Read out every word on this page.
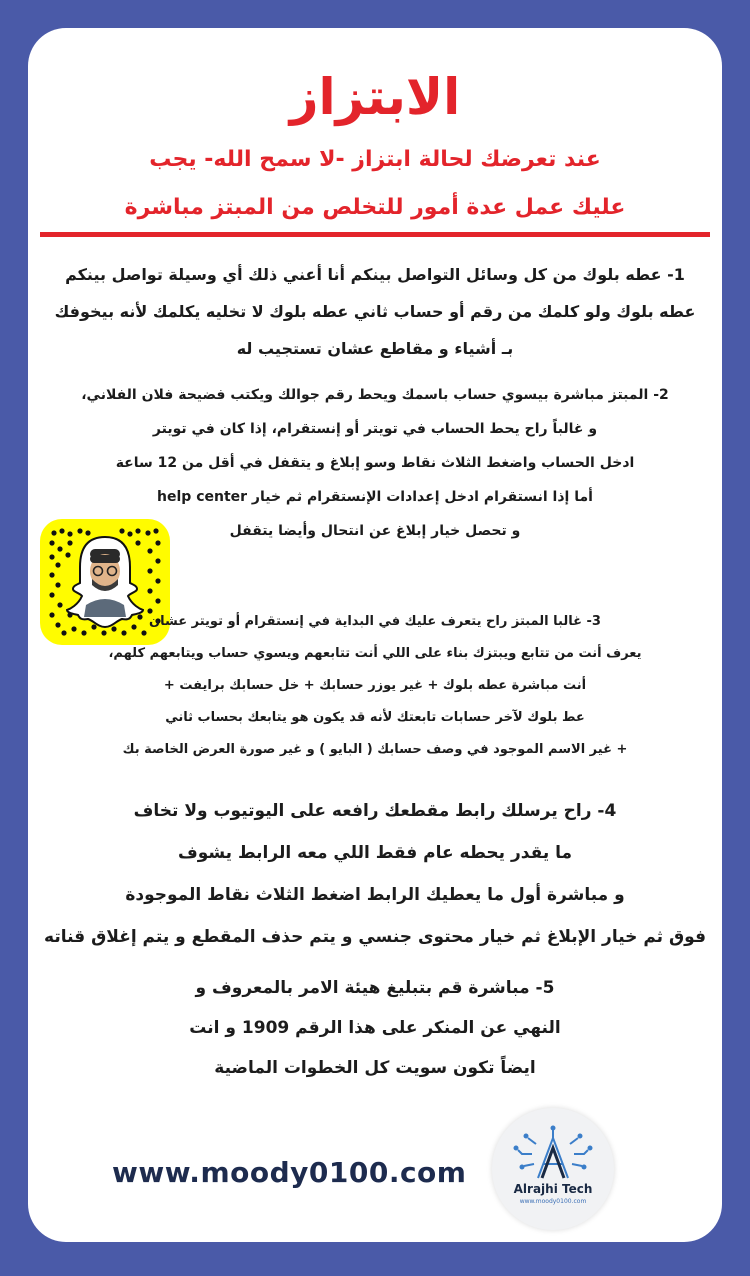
الابتزاز
عند تعرضك لحالة ابتزاز -لا سمح الله- يجب
عليك عمل عدة أمور للتخلص من المبتز مباشرة

1- عطه بلوك من كل وسائل التواصل بينكم أنا أعني ذلك أي وسيلة تواصل بينكم

عطه بلوك ولو كلمك من رقم أو حساب ثاني عطه بلوك لا تخليه يكلمك لأنه بيخوفك

بـ أشياء و مقاطع عشان تستجيب له

2- المبتز مباشرة بيسوي حساب باسمك ويحط رقم جوالك ويكتب فضيحة فلان الفلاني،

و غالباً راح يحط الحساب في تويتر أو إنستقرام، إذا كان في تويتر

ادخل الحساب واضغط الثلاث نقاط وسو إبلاغ و يتقفل في أقل من 12 ساعة

أما إذا انستقرام ادخل إعدادات الإنستقرام ثم خيار help center

و تحصل خيار إبلاغ عن انتحال وأيضا يتقفل

3- غالبا المبتز راح يتعرف عليك في البداية في إنستقرام أو تويتر عشان

يعرف أنت من تتابع ويبتزك بناء على اللي أنت تتابعهم ويسوي حساب ويتابعهم كلهم،

أنت مباشرة عطه بلوك + غير يوزر حسابك + خل حسابك برايفت +

عط بلوك لآخر حسابات تابعتك لأنه قد يكون هو يتابعك بحساب ثاني

+ غير الاسم الموجود في وصف حسابك ( البايو ) و غير صورة العرض الخاصة بك

4- راح يرسلك رابط مقطعك رافعه على اليوتيوب ولا تخاف

ما يقدر يحطه عام فقط اللي معه الرابط يشوف

و مباشرة أول ما يعطيك الرابط اضغط الثلاث نقاط الموجودة

فوق ثم خيار الإبلاغ ثم خيار محتوى جنسي و يتم حذف المقطع و يتم إغلاق قناته

5- مباشرة قم بتبليغ هيئة الامر بالمعروف و

النهي عن المنكر على هذا الرقم 1909 و انت

ايضاً تكون سويت كل الخطوات الماضية

www.moody0100.com	Alrajhi Tech
www.moody0100.com
